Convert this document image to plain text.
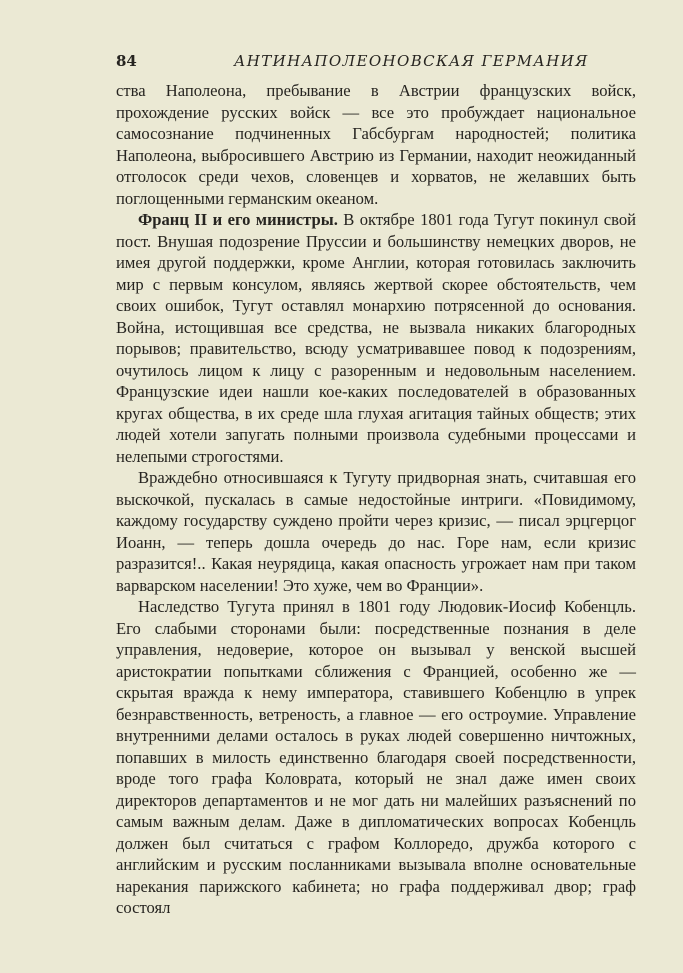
84	АНТИНАПОЛЕОНОВСКАЯ ГЕРМАНИЯ

ства Наполеона, пребывание в Австрии французских войск, прохождение русских войск — все это пробуждает национальное самосознание подчиненных Габсбургам народностей; политика Наполеона, выбросившего Австрию из Германии, находит неожиданный отголосок среди чехов, словенцев и хорватов, не желавших быть поглощенными германским океаном.

Франц II и его министры. В октябре 1801 года Тугут покинул свой пост. Внушая подозрение Пруссии и большинству немецких дворов, не имея другой поддержки, кроме Англии, которая готовилась заключить мир с первым консулом, являясь жертвой скорее обстоятельств, чем своих ошибок, Тугут оставлял монархию потрясенной до основания. Война, истощившая все средства, не вызвала никаких благородных порывов; правительство, всюду усматривавшее повод к подозрениям, очутилось лицом к лицу с разоренным и недовольным населением. Французские идеи нашли кое-каких последователей в образованных кругах общества, в их среде шла глухая агитация тайных обществ; этих людей хотели запугать полными произвола судебными процессами и нелепыми строгостями.

Враждебно относившаяся к Тугуту придворная знать, считавшая его выскочкой, пускалась в самые недостойные интриги. «Повидимому, каждому государству суждено пройти через кризис, — писал эрцгерцог Иоанн, — теперь дошла очередь до нас. Горе нам, если кризис разразится!.. Какая неурядица, какая опасность угрожает нам при таком варварском населении! Это хуже, чем во Франции».

Наследство Тугута принял в 1801 году Людовик-Иосиф Кобенцль. Его слабыми сторонами были: посредственные познания в деле управления, недоверие, которое он вызывал у венской высшей аристократии попытками сближения с Францией, особенно же — скрытая вражда к нему императора, ставившего Кобенцлю в упрек безнравственность, ветреность, а главное — его остроумие. Управление внутренними делами осталось в руках людей совершенно ничтожных, попавших в милость единственно благодаря своей посредственности, вроде того графа Коловрата, который не знал даже имен своих директоров департаментов и не мог дать ни малейших разъяснений по самым важным делам. Даже в дипломатических вопросах Кобенцль должен был считаться с графом Коллоредо, дружба которого с английским и русским посланниками вызывала вполне основательные нарекания парижского кабинета; но графа поддерживал двор; граф состоял
